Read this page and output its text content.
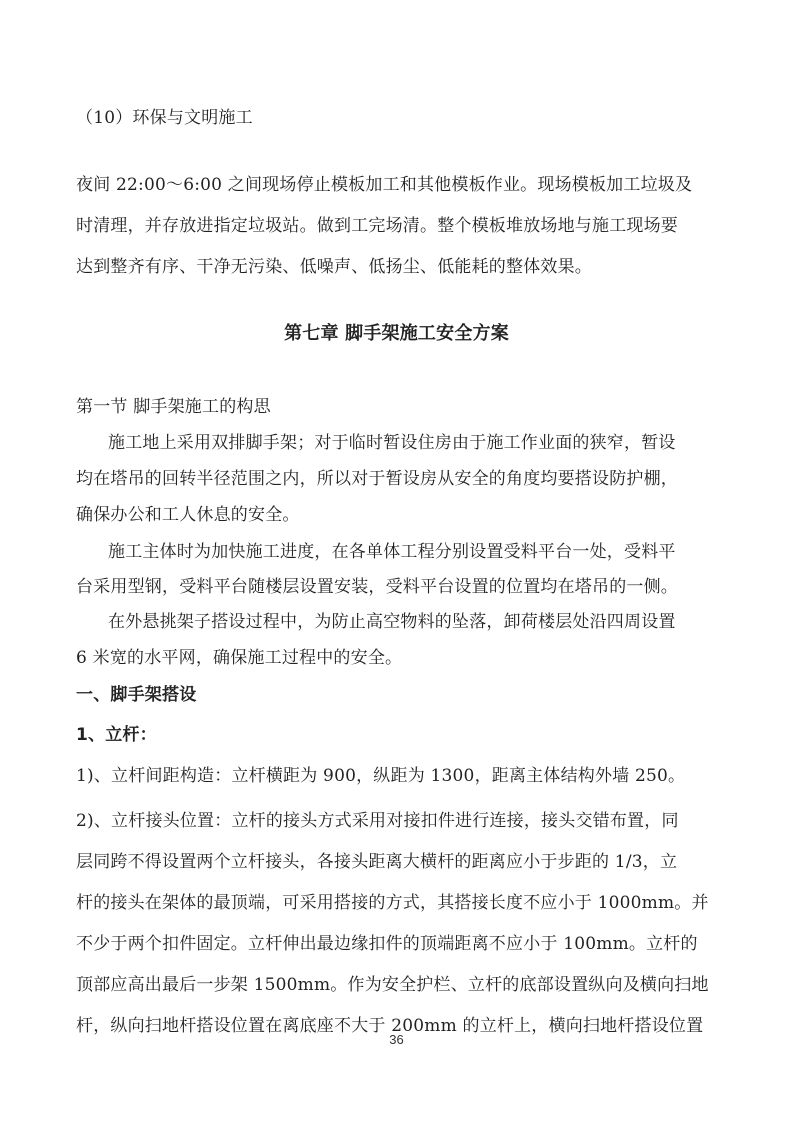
（10）环保与文明施工
夜间 22:00～6:00 之间现场停止模板加工和其他模板作业。现场模板加工垃圾及
时清理，并存放进指定垃圾站。做到工完场清。整个模板堆放场地与施工现场要
达到整齐有序、干净无污染、低噪声、低扬尘、低能耗的整体效果。
第七章 脚手架施工安全方案
第一节 脚手架施工的构思
施工地上采用双排脚手架；对于临时暂设住房由于施工作业面的狭窄，暂设
均在塔吊的回转半径范围之内，所以对于暂设房从安全的角度均要搭设防护棚，
确保办公和工人休息的安全。
施工主体时为加快施工进度，在各单体工程分别设置受料平台一处，受料平
台采用型钢，受料平台随楼层设置安装，受料平台设置的位置均在塔吊的一侧。
在外悬挑架子搭设过程中，为防止高空物料的坠落，卸荷楼层处沿四周设置
6 米宽的水平网，确保施工过程中的安全。
一、脚手架搭设
1、立杆：
1)、立杆间距构造：立杆横距为 900，纵距为 1300，距离主体结构外墙 250。
2)、立杆接头位置：立杆的接头方式采用对接扣件进行连接，接头交错布置，同
层同跨不得设置两个立杆接头，各接头距离大横杆的距离应小于步距的 1/3，立
杆的接头在架体的最顶端，可采用搭接的方式，其搭接长度不应小于 1000mm。并
不少于两个扣件固定。立杆伸出最边缘扣件的顶端距离不应小于 100mm。立杆的
顶部应高出最后一步架 1500mm。作为安全护栏、立杆的底部设置纵向及横向扫地
杆，纵向扫地杆搭设位置在离底座不大于 200mm 的立杆上，横向扫地杆搭设位置
36
